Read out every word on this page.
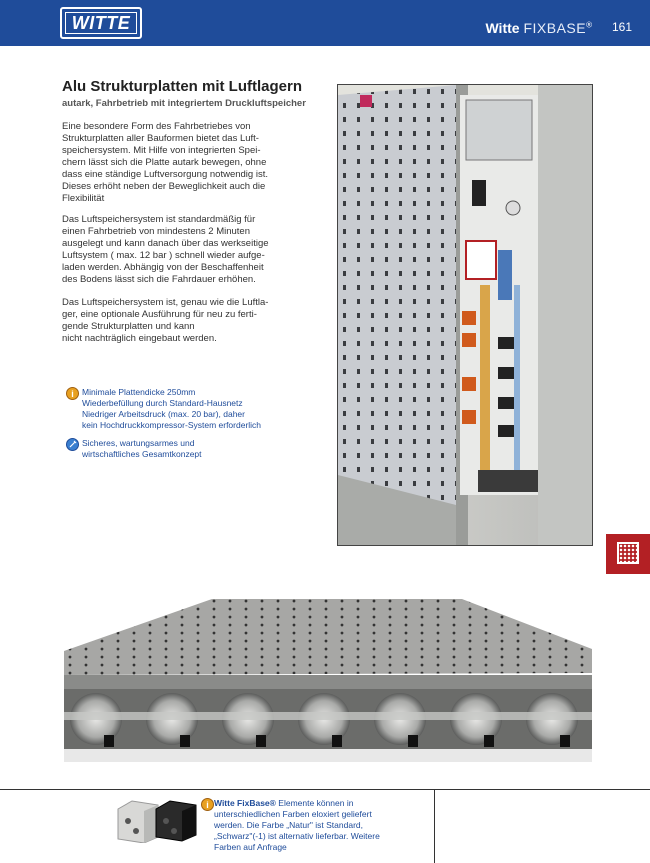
WITTE	Witte FIXBASE® 161
Alu Strukturplatten mit Luftlagern
autark, Fahrbetrieb mit integriertem Druckluftspeicher

Eine besondere Form des Fahrbetriebes von

Strukturplatten aller Bauformen bietet das Luft-

speichersystem. Mit Hilfe von integrierten Spei-

chern lässt sich die Platte autark bewegen, ohne

dass eine ständige Luftversorgung notwendig ist.

Dieses erhöht neben der Beweglichkeit auch die

Flexibilität

Das Luftspeichersystem ist standardmäßig für

einen Fahrbetrieb von mindestens 2 Minuten

ausgelegt und kann danach über das werkseitige

Luftsystem ( max. 12 bar ) schnell wieder aufge-

laden werden. Abhängig von der Beschaffenheit

des Bodens lässt sich die Fahrdauer erhöhen.

Das Luftspeichersystem ist, genau wie die Luftla-

ger, eine optionale Ausführung für neu zu ferti-

gende Strukturplatten und kann

nicht nachträglich eingebaut werden.

i Minimale Plattendicke 250mm
Wiederbefüllung durch Standard-Hausnetz
Niedriger Arbeitsdruck (max. 20 bar), daher
kein Hochdruckkompressor-System erforderlich
Sicheres, wartungsarmes und
wirtschaftliches Gesamtkonzept
i Witte FixBase® Elemente können in
unterschiedlichen Farben eloxiert geliefert
werden. Die Farbe „Natur" ist Standard,
„Schwarz"(-1) ist alternativ lieferbar. Weitere
Farben auf Anfrage
